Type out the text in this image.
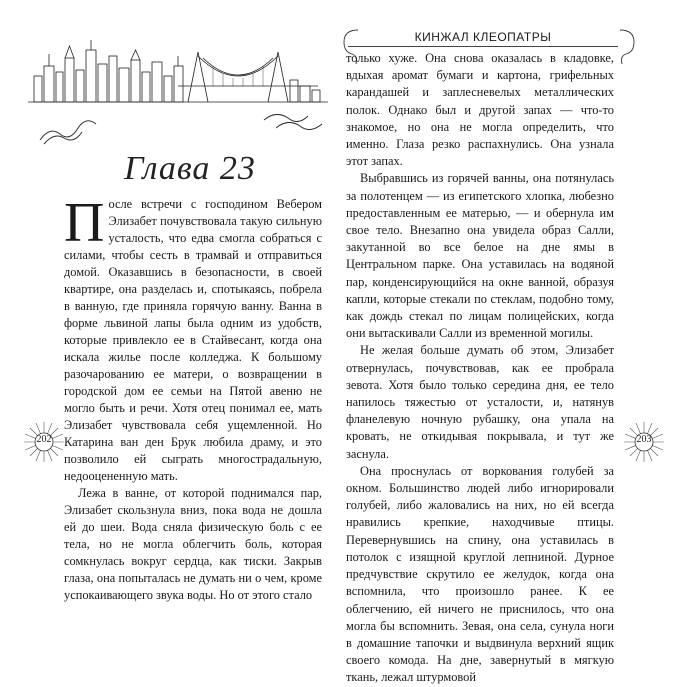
Глава 23

После встречи с господином Вебером Элизабет почувствовала такую сильную усталость, что едва смогла собраться с силами, чтобы сесть в трамвай и отправиться домой. Оказавшись в безопасности, в своей квартире, она разделась и, спотыкаясь, побрела в ванную, где приняла горячую ванну. Ванна в форме львиной лапы была одним из удобств, которые привлекло ее в Стайвесант, когда она искала жилье после колледжа. К большому разочарованию ее матери, о возвращении в городской дом ее семьи на Пятой авеню не могло быть и речи. Хотя отец понимал ее, мать Элизабет чувствовала себя ущемленной. Но Катарина ван ден Брук любила драму, и это позволило ей сыграть многострадальную, недооцененную мать.

Лежа в ванне, от которой поднимался пар, Элизабет скользнула вниз, пока вода не дошла ей до шеи. Вода сняла физическую боль с ее тела, но не могла облегчить боль, которая сомкнулась вокруг сердца, как тиски. Закрыв глаза, она попыталась не думать ни о чем, кроме успокаивающего звука воды. Но от этого стало

202
КИНЖАЛ КЛЕОПАТРЫ

только хуже. Она снова оказалась в кладовке, вдыхая аромат бумаги и картона, грифельных карандашей и заплесневелых металлических полок. Однако был и другой запах — что-то знакомое, но она не могла определить, что именно. Глаза резко распахнулись. Она узнала этот запах.

Выбравшись из горячей ванны, она потянулась за полотенцем — из египетского хлопка, любезно предоставленным ее матерью, — и обернула им свое тело. Внезапно она увидела образ Салли, закутанной во все белое на дне ямы в Центральном парке. Она уставилась на водяной пар, конденсирующийся на окне ванной, образуя капли, которые стекали по стеклам, подобно тому, как дождь стекал по лицам полицейских, когда они вытаскивали Салли из временной могилы.

Не желая больше думать об этом, Элизабет отвернулась, почувствовав, как ее пробрала зевота. Хотя было только середина дня, ее тело напилось тяжестью от усталости, и, натянув фланелевую ночную рубашку, она упала на кровать, не откидывая покрывала, и тут же заснула.

Она проснулась от воркования голубей за окном. Большинство людей либо игнорировали голубей, либо жаловались на них, но ей всегда нравились крепкие, находчивые птицы. Перевернувшись на спину, она уставилась в потолок с изящной круглой лепниной. Дурное предчувствие скрутило ее желудок, когда она вспомнила, что произошло ранее. К ее облегчению, ей ничего не приснилось, что она могла бы вспомнить. Зевая, она села, сунула ноги в домашние тапочки и выдвинула верхний ящик своего комода. На дне, завернутый в мягкую ткань, лежал штурмовой

203
